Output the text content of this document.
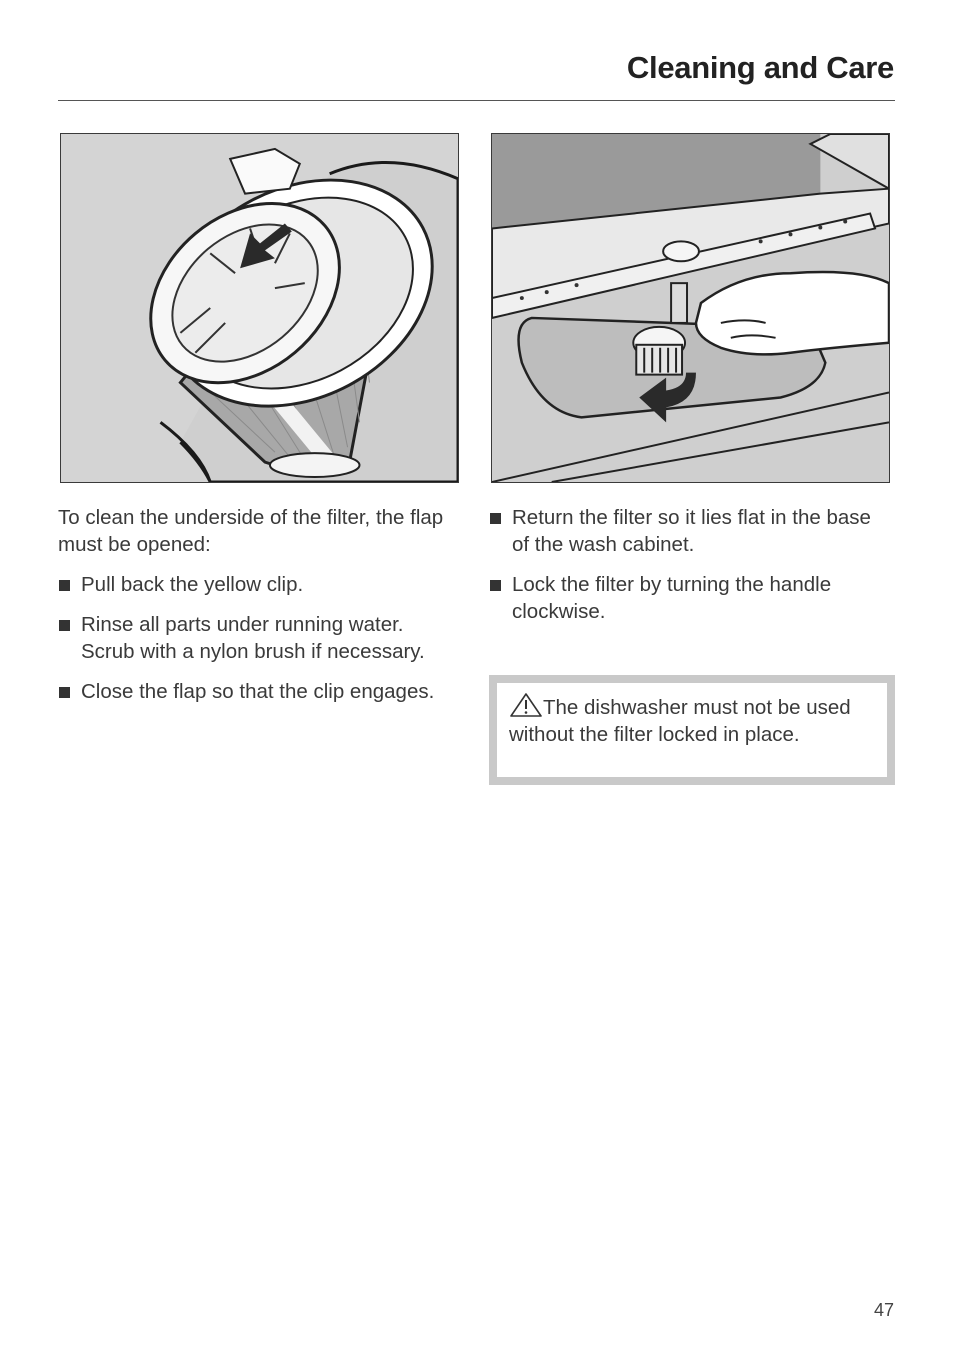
Cleaning and Care

To clean the underside of the filter, the flap must be opened:

Pull back the yellow clip.
Rinse all parts under running water. Scrub with a nylon brush if necessary.
Close the flap so that the clip engages.
Return the filter so it lies flat in the base of the wash cabinet.
Lock the filter by turning the handle clockwise.
The dishwasher must not be used without the filter locked in place.
47
